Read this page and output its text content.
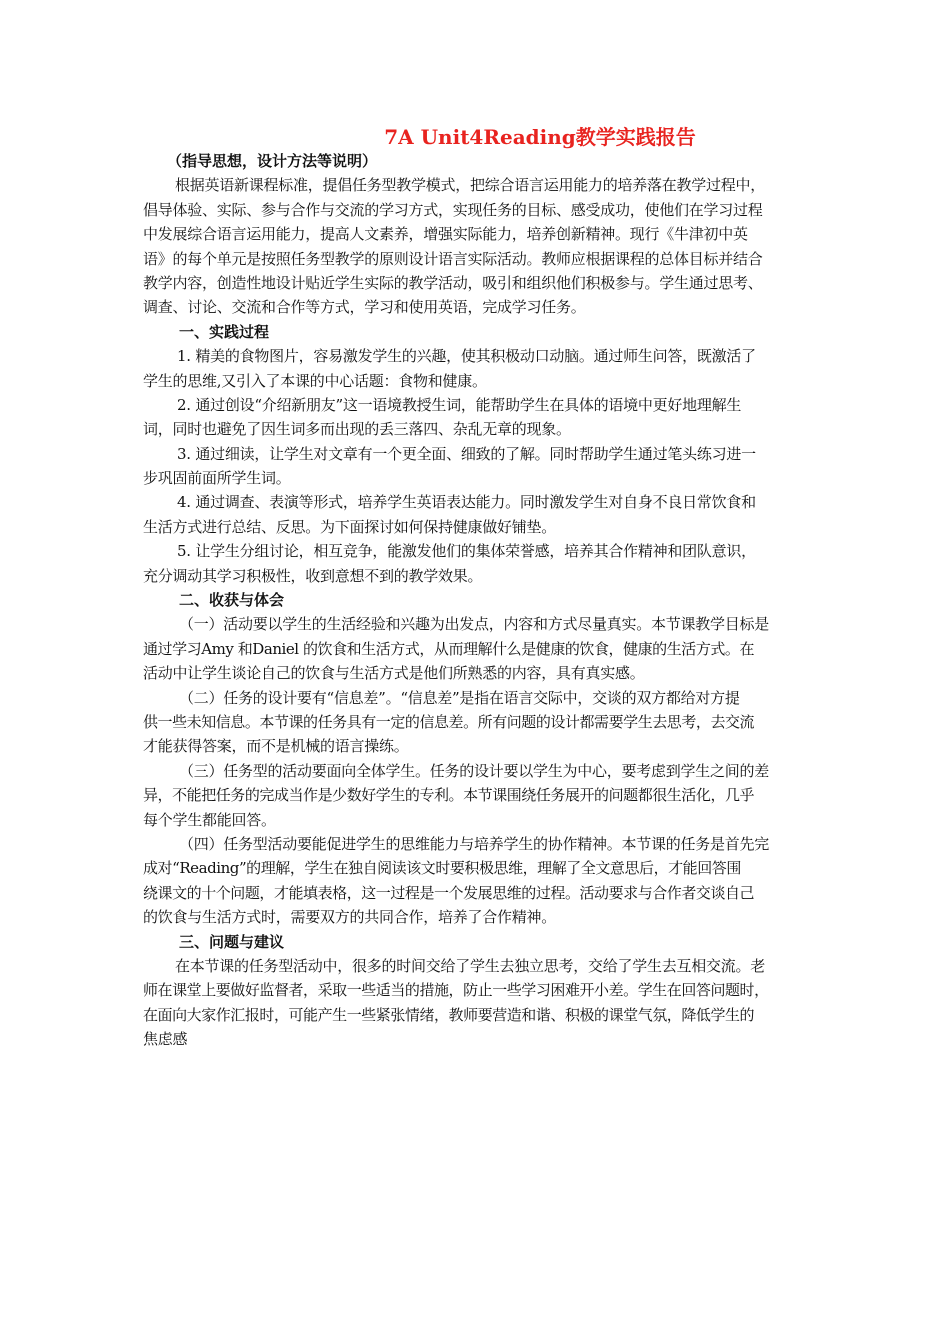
7A Unit4Reading教学实践报告
（指导思想，设计方法等说明）
根据英语新课程标准，提倡任务型教学模式，把综合语言运用能力的培养落在教学过程中，
倡导体验、实际、参与合作与交流的学习方式，实现任务的目标、感受成功，使他们在学习过程
中发展综合语言运用能力，提高人文素养，增强实际能力，培养创新精神。现行《牛津初中英
语》的每个单元是按照任务型教学的原则设计语言实际活动。教师应根据课程的总体目标并结合
教学内容，创造性地设计贴近学生实际的教学活动，吸引和组织他们积极参与。学生通过思考、
调查、讨论、交流和合作等方式，学习和使用英语，完成学习任务。
一、实践过程
1. 精美的食物图片，容易激发学生的兴趣，使其积极动口动脑。通过师生问答，既激活了
学生的思维,又引入了本课的中心话题：食物和健康。
2. 通过创设“介绍新朋友”这一语境教授生词，能帮助学生在具体的语境中更好地理解生
词，同时也避免了因生词多而出现的丢三落四、杂乱无章的现象。
3. 通过细读，让学生对文章有一个更全面、细致的了解。同时帮助学生通过笔头练习进一
步巩固前面所学生词。
4. 通过调查、表演等形式，培养学生英语表达能力。同时激发学生对自身不良日常饮食和
生活方式进行总结、反思。为下面探讨如何保持健康做好铺垫。
5. 让学生分组讨论，相互竞争，能激发他们的集体荣誉感，培养其合作精神和团队意识，
充分调动其学习积极性，收到意想不到的教学效果。
二、收获与体会
（一）活动要以学生的生活经验和兴趣为出发点，内容和方式尽量真实。本节课教学目标是
通过学习Amy 和Daniel 的饮食和生活方式，从而理解什么是健康的饮食，健康的生活方式。在
活动中让学生谈论自己的饮食与生活方式是他们所熟悉的内容，具有真实感。
（二）任务的设计要有“信息差”。“信息差”是指在语言交际中，交谈的双方都给对方提
供一些未知信息。本节课的任务具有一定的信息差。所有问题的设计都需要学生去思考，去交流
才能获得答案，而不是机械的语言操练。
（三）任务型的活动要面向全体学生。任务的设计要以学生为中心，要考虑到学生之间的差
异，不能把任务的完成当作是少数好学生的专利。本节课围绕任务展开的问题都很生活化，几乎
每个学生都能回答。
（四）任务型活动要能促进学生的思维能力与培养学生的协作精神。本节课的任务是首先完
成对“Reading”的理解，学生在独自阅读该文时要积极思维，理解了全文意思后，才能回答围
绕课文的十个问题，才能填表格，这一过程是一个发展思维的过程。活动要求与合作者交谈自己
的饮食与生活方式时，需要双方的共同合作，培养了合作精神。
三、问题与建议
在本节课的任务型活动中，很多的时间交给了学生去独立思考，交给了学生去互相交流。老
师在课堂上要做好监督者，采取一些适当的措施，防止一些学习困难开小差。学生在回答问题时，
在面向大家作汇报时，可能产生一些紧张情绪，教师要营造和谐、积极的课堂气氛，降低学生的
焦虑感
